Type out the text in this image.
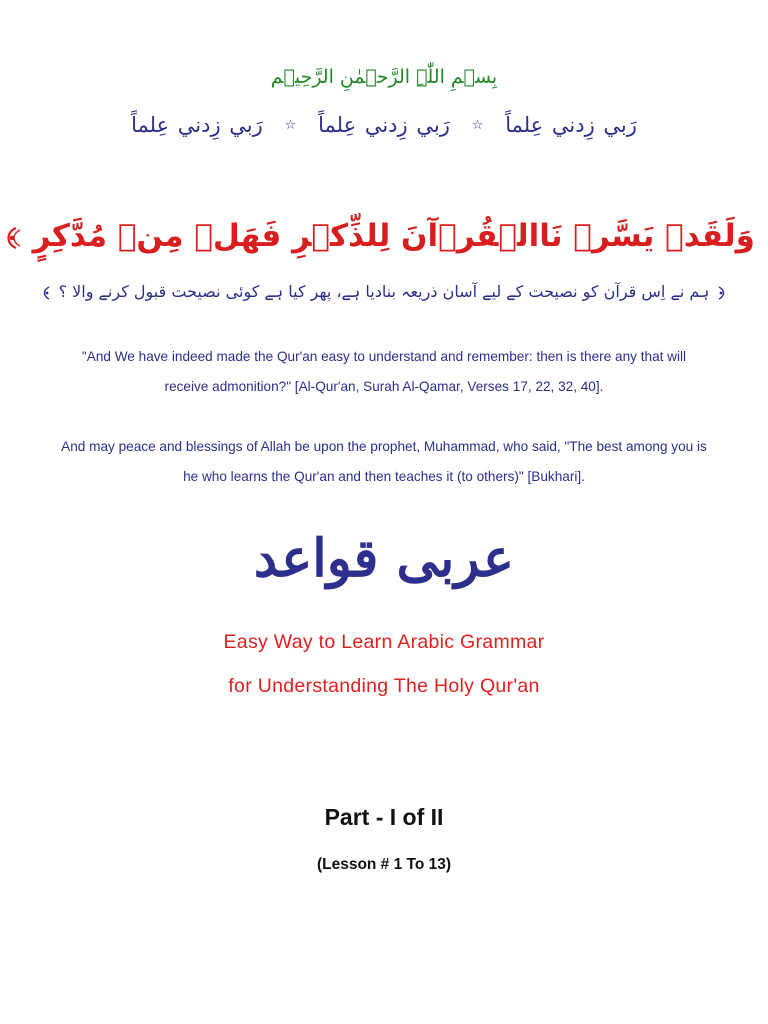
بِسۡمِ اللّٰہِ الرَّحۡمٰنِ الرَّحِیۡم
رَبي زِدني عِلماً ☆ رَبي زِدني عِلماً ☆ رَبي زِدني عِلماً
وَلَقَدۡ يَسَّرۡ نَاالۡقُرۡآنَ لِلذِّكۡرِ فَهَلۡ مِنۡ مُدَّكِرٍ
ہم نے اِس قرآن کو نصیحت کے لیے آسان ذریعہ بنادیا ہے، پھر کیا ہے کوئی نصیحت قبول کرنے والا ؟
"And We have indeed made the Qur'an easy to understand and remember: then is there any that will receive admonition?" [Al-Qur'an, Surah Al-Qamar, Verses 17, 22, 32, 40].
And may peace and blessings of Allah be upon the prophet, Muhammad, who said, "The best among you is he who learns the Qur'an and then teaches it (to others)" [Bukhari].
عربی قواعد
Easy Way to Learn Arabic Grammar
for Understanding The Holy Qur'an
Part - I of II
(Lesson # 1 To 13)
